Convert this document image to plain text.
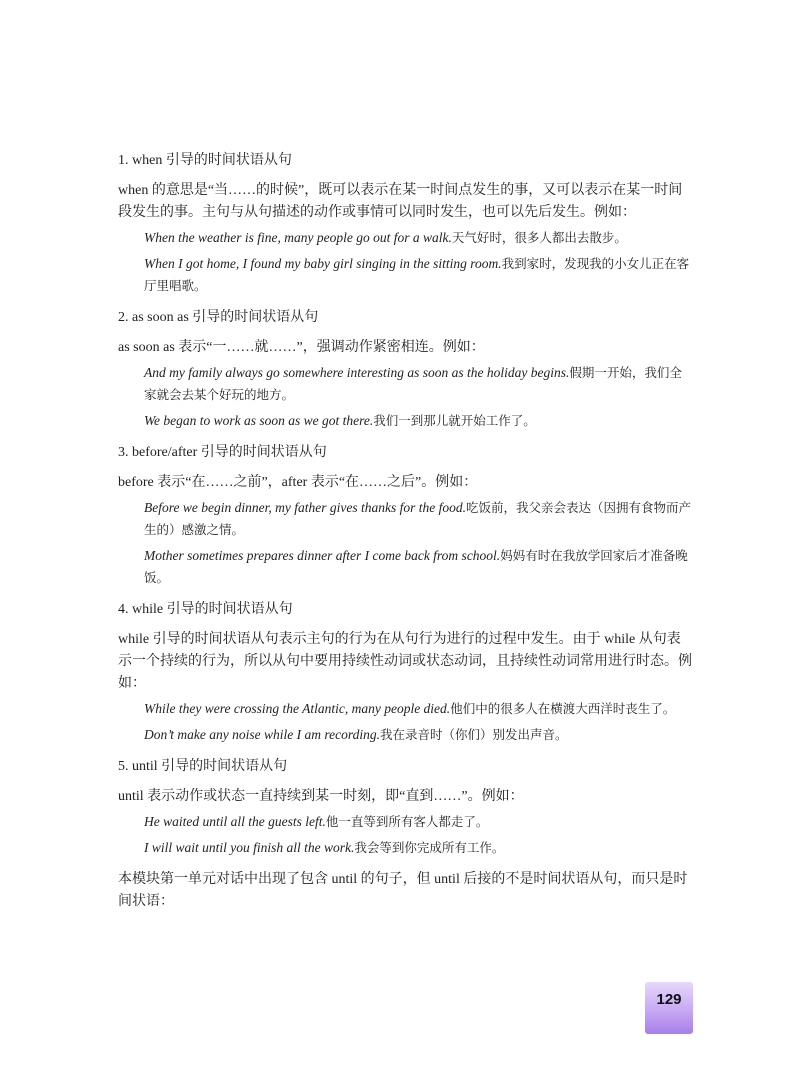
1. when 引导的时间状语从句
when 的意思是“当……的时候”，既可以表示在某一时间点发生的事，又可以表示在某一时间段发生的事。主句与从句描述的动作或事情可以同时发生，也可以先后发生。例如：
When the weather is fine, many people go out for a walk.天气好时，很多人都出去散步。
When I got home, I found my baby girl singing in the sitting room.我到家时，发现我的小女儿正在客厅里唱歌。
2. as soon as 引导的时间状语从句
as soon as 表示“一……就……”，强调动作紧密相连。例如：
And my family always go somewhere interesting as soon as the holiday begins.假期一开始，我们全家就会去某个好玩的地方。
We began to work as soon as we got there.我们一到那儿就开始工作了。
3. before/after 引导的时间状语从句
before 表示“在……之前”，after 表示“在……之后”。例如：
Before we begin dinner, my father gives thanks for the food.吃饭前，我父亲会表达（因拥有食物而产生的）感激之情。
Mother sometimes prepares dinner after I come back from school.妈妈有时在我放学回家后才准备晚饭。
4. while 引导的时间状语从句
while 引导的时间状语从句表示主句的行为在从句行为进行的过程中发生。由于 while 从句表示一个持续的行为，所以从句中要用持续性动词或状态动词，且持续性动词常用进行时态。例如：
While they were crossing the Atlantic, many people died.他们中的很多人在横渡大西洋时丧生了。
Don’t make any noise while I am recording.我在录音时（你们）别发出声音。
5. until 引导的时间状语从句
until 表示动作或状态一直持续到某一时刻，即“直到……”。例如：
He waited until all the guests left.他一直等到所有客人都走了。
I will wait until you finish all the work.我会等到你完成所有工作。
本模块第一单元对话中出现了包含 until 的句子，但 until 后接的不是时间状语从句，而只是时间状语：
129
